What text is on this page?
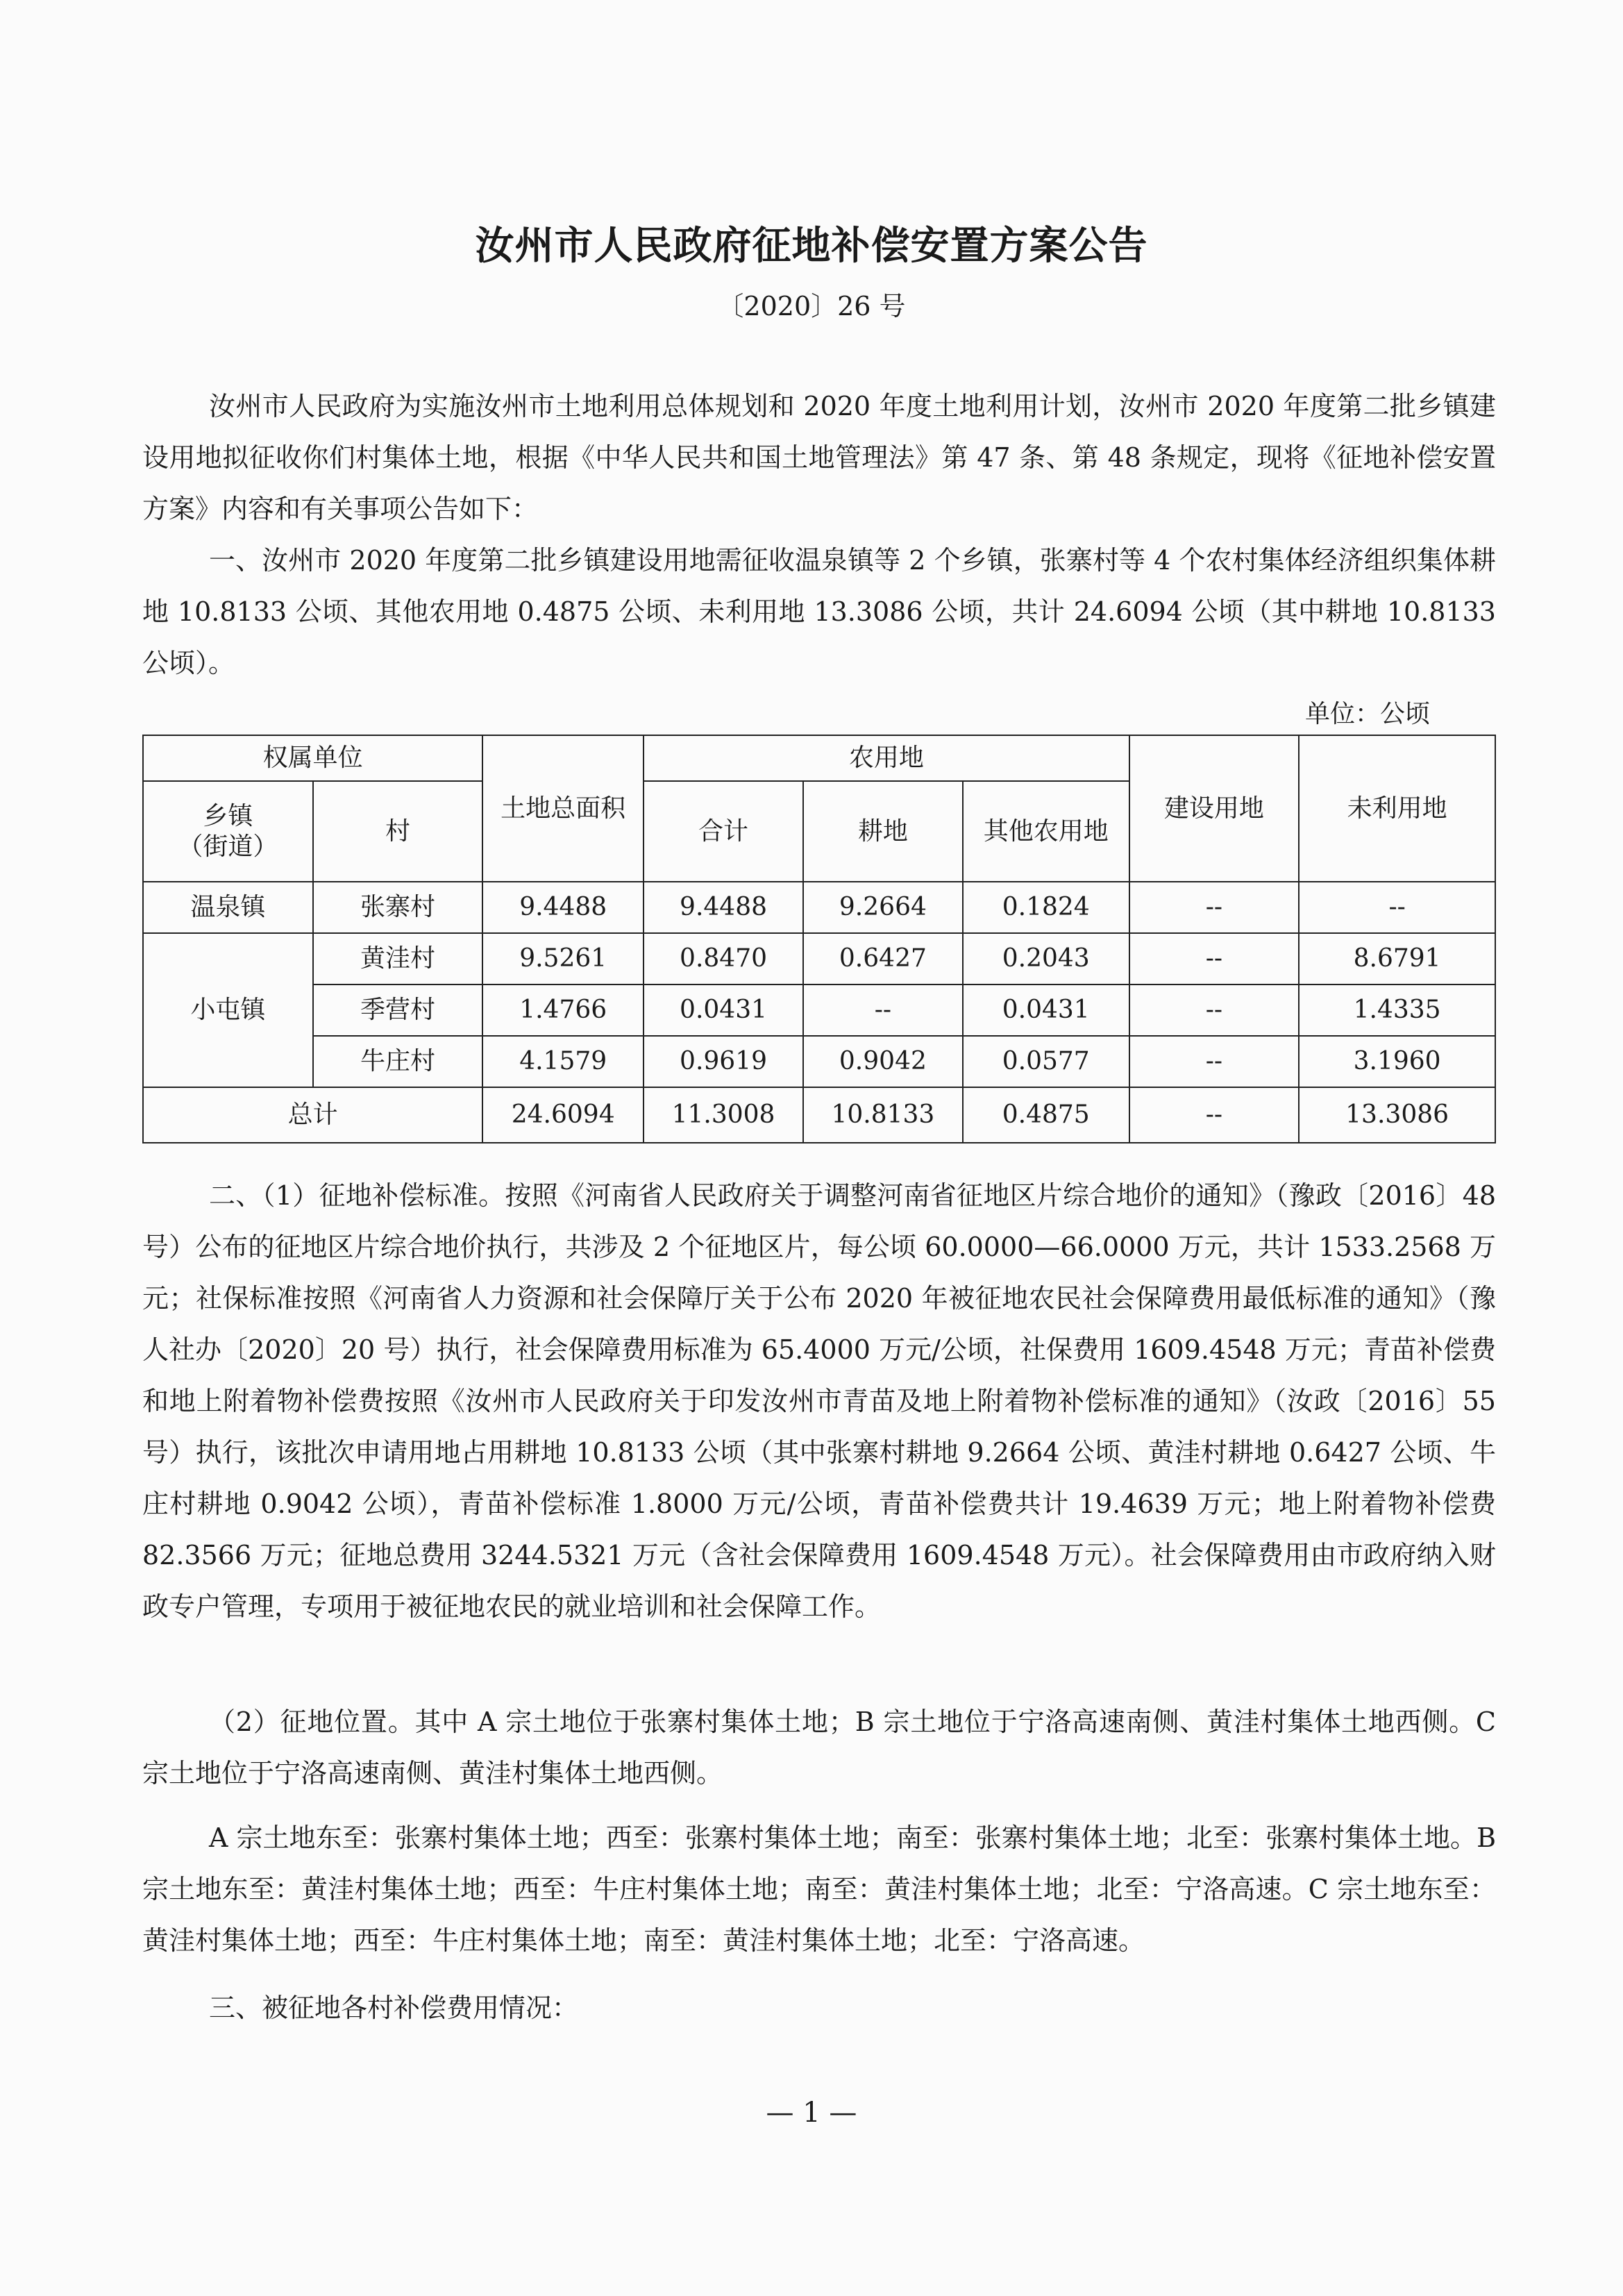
汝州市人民政府征地补偿安置方案公告
〔2020〕26 号

汝州市人民政府为实施汝州市土地利用总体规划和 2020 年度土地利用计划，汝州市 2020 年度第二批乡镇建设用地拟征收你们村集体土地，根据《中华人民共和国土地管理法》第 47 条、第 48 条规定，现将《征地补偿安置方案》内容和有关事项公告如下：

一、汝州市 2020 年度第二批乡镇建设用地需征收温泉镇等 2 个乡镇，张寨村等 4 个农村集体经济组织集体耕地 10.8133 公顷、其他农用地 0.4875 公顷、未利用地 13.3086 公顷，共计 24.6094 公顷（其中耕地 10.8133 公顷）。

单位：公顷
权属单位		土地总面积	农用地			建设用地	未利用地
乡镇
（街道）	村		合计	耕地	其他农用地		
温泉镇	张寨村	9.4488	9.4488	9.2664	0.1824	--	--
小屯镇	黄洼村	9.5261	0.8470	0.6427	0.2043	--	8.6791
	季营村	1.4766	0.0431	--	0.0431	--	1.4335
	牛庄村	4.1579	0.9619	0.9042	0.0577	--	3.1960
总计		24.6094	11.3008	10.8133	0.4875	--	13.3086

二、（1）征地补偿标准。按照《河南省人民政府关于调整河南省征地区片综合地价的通知》（豫政〔2016〕48 号）公布的征地区片综合地价执行，共涉及 2 个征地区片，每公顷 60.0000—66.0000 万元，共计 1533.2568 万元；社保标准按照《河南省人力资源和社会保障厅关于公布 2020 年被征地农民社会保障费用最低标准的通知》（豫人社办〔2020〕20 号）执行，社会保障费用标准为 65.4000 万元/公顷，社保费用 1609.4548 万元；青苗补偿费和地上附着物补偿费按照《汝州市人民政府关于印发汝州市青苗及地上附着物补偿标准的通知》（汝政〔2016〕55 号）执行，该批次申请用地占用耕地 10.8133 公顷（其中张寨村耕地 9.2664 公顷、黄洼村耕地 0.6427 公顷、牛庄村耕地 0.9042 公顷），青苗补偿标准 1.8000 万元/公顷，青苗补偿费共计 19.4639 万元；地上附着物补偿费 82.3566 万元；征地总费用 3244.5321 万元（含社会保障费用 1609.4548 万元）。社会保障费用由市政府纳入财政专户管理，专项用于被征地农民的就业培训和社会保障工作。

（2）征地位置。其中 A 宗土地位于张寨村集体土地；B 宗土地位于宁洛高速南侧、黄洼村集体土地西侧。C 宗土地位于宁洛高速南侧、黄洼村集体土地西侧。

A 宗土地东至：张寨村集体土地；西至：张寨村集体土地；南至：张寨村集体土地；北至：张寨村集体土地。B 宗土地东至：黄洼村集体土地；西至：牛庄村集体土地；南至：黄洼村集体土地；北至：宁洛高速。C 宗土地东至：黄洼村集体土地；西至：牛庄村集体土地；南至：黄洼村集体土地；北至：宁洛高速。

三、被征地各村补偿费用情况：

— 1 —
